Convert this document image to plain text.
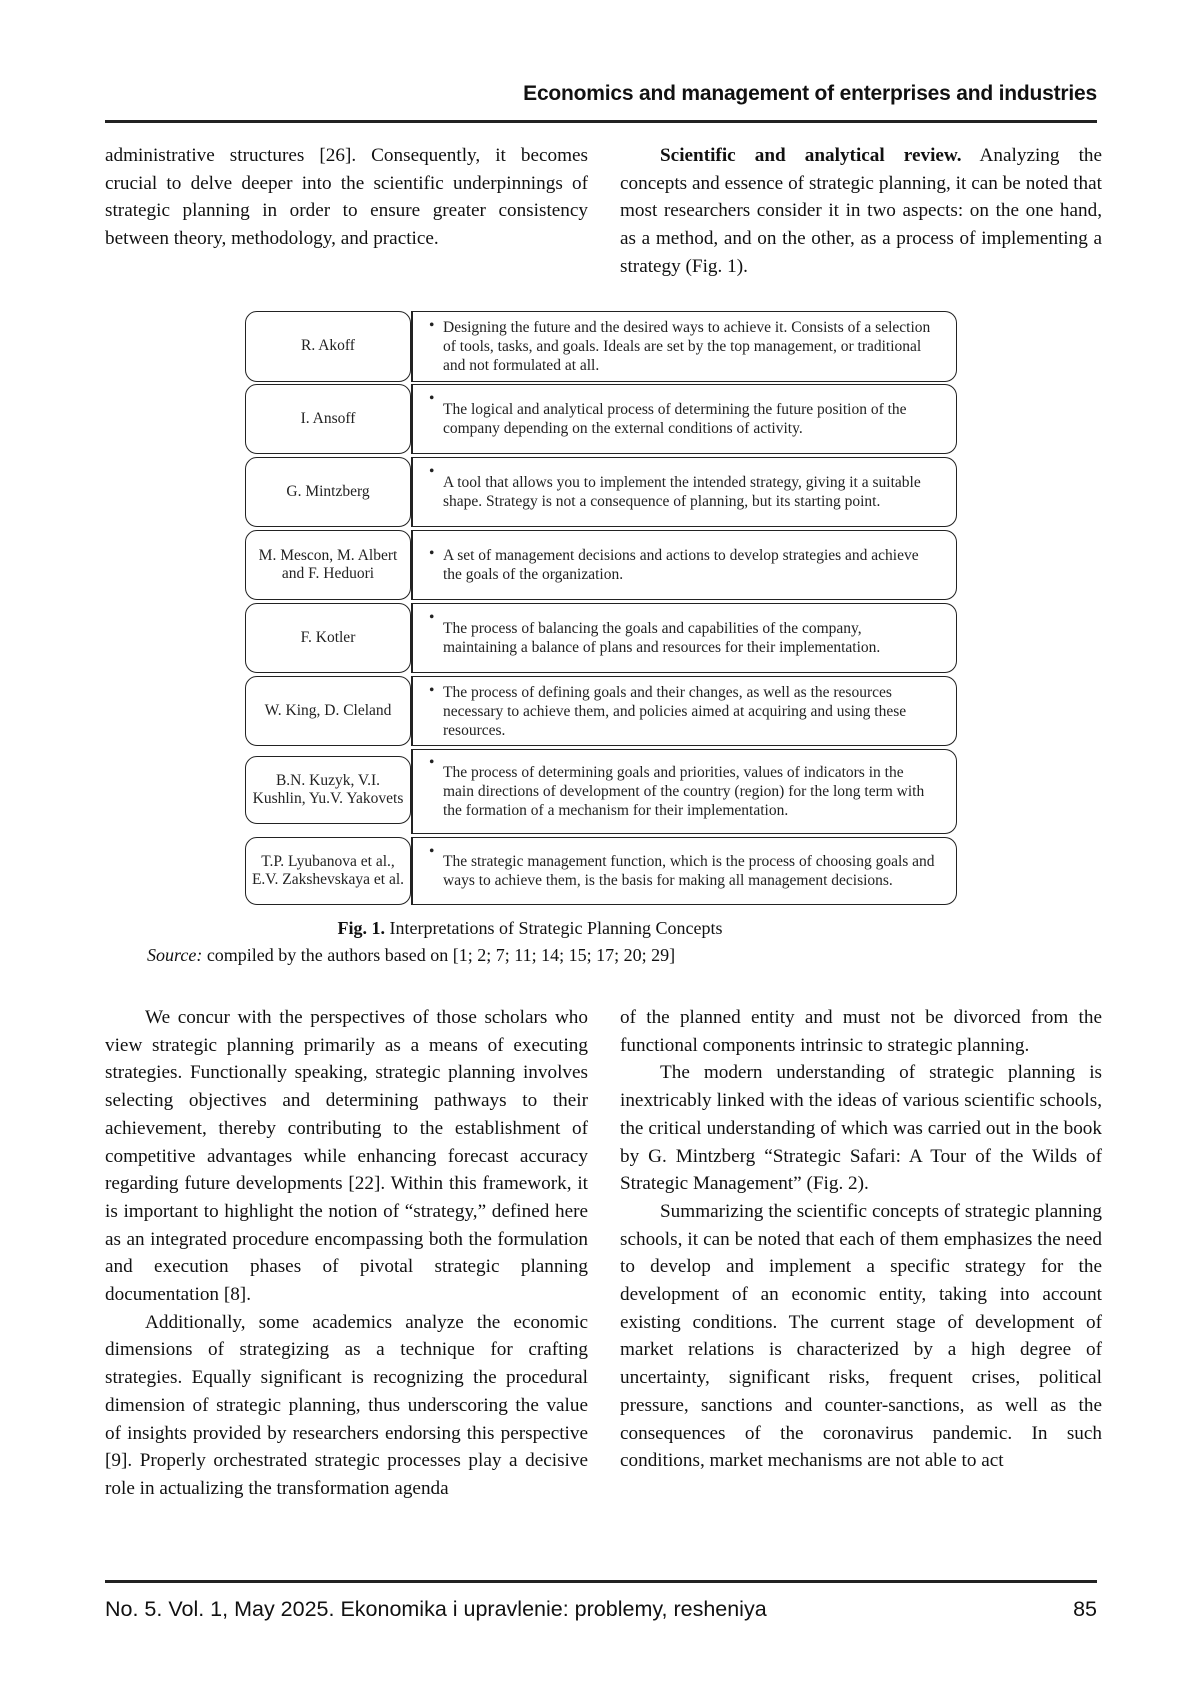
Economics and management of enterprises and industries

administrative structures [26]. Consequently, it becomes crucial to delve deeper into the scientific underpinnings of strategic planning in order to ensure greater consistency between theory, methodology, and practice.

Scientific and analytical review. Analyzing the concepts and essence of strategic planning, it can be noted that most researchers consider it in two aspects: on the one hand, as a method, and on the other, as a process of implementing a strategy (Fig. 1).

R. Akoff
• Designing the future and the desired ways to achieve it. Consists of a selection of tools, tasks, and goals. Ideals are set by the top management, or traditional and not formulated at all.
I. Ansoff
•
The logical and analytical process of determining the future position of the company depending on the external conditions of activity.
G. Mintzberg
•
A tool that allows you to implement the intended strategy, giving it a suitable shape. Strategy is not a consequence of planning, but its starting point.
M. Mescon, M. Albert and F. Heduori
• A set of management decisions and actions to develop strategies and achieve the goals of the organization.
F. Kotler
•
The process of balancing the goals and capabilities of the company, maintaining a balance of plans and resources for their implementation.
W. King, D. Cleland
• The process of defining goals and their changes, as well as the resources necessary to achieve them, and policies aimed at acquiring and using these resources.
B.N. Kuzyk, V.I. Kushlin, Yu.V. Yakovets
•
The process of determining goals and priorities, values of indicators in the main directions of development of the country (region) for the long term with the formation of a mechanism for their implementation.
T.P. Lyubanova et al., E.V. Zakshevskaya et al.
•
The strategic management function, which is the process of choosing goals and ways to achieve them, is the basis for making all management decisions.
Fig. 1. Interpretations of Strategic Planning Concepts
Source: compiled by the authors based on [1; 2; 7; 11; 14; 15; 17; 20; 29]

We concur with the perspectives of those scholars who view strategic planning primarily as a means of executing strategies. Functionally speaking, strategic planning involves selecting objectives and determining pathways to their achievement, thereby contributing to the establishment of competitive advantages while enhancing forecast accuracy regarding future developments [22]. Within this framework, it is important to highlight the notion of “strategy,” defined here as an integrated procedure encompassing both the formulation and execution phases of pivotal strategic planning documentation [8].

Additionally, some academics analyze the economic dimensions of strategizing as a technique for crafting strategies. Equally significant is recognizing the procedural dimension of strategic planning, thus underscoring the value of insights provided by researchers endorsing this perspective [9]. Properly orchestrated strategic processes play a decisive role in actualizing the transformation agenda

of the planned entity and must not be divorced from the functional components intrinsic to strategic planning.

The modern understanding of strategic planning is inextricably linked with the ideas of various scientific schools, the critical understanding of which was carried out in the book by G. Mintzberg “Strategic Safari: A Tour of the Wilds of Strategic Management” (Fig. 2).

Summarizing the scientific concepts of strategic planning schools, it can be noted that each of them emphasizes the need to develop and implement a specific strategy for the development of an economic entity, taking into account existing conditions. The current stage of development of market relations is characterized by a high degree of uncertainty, significant risks, frequent crises, political pressure, sanctions and counter-sanctions, as well as the consequences of the coronavirus pandemic. In such conditions, market mechanisms are not able to act

No. 5. Vol. 1, May 2025. Ekonomika i upravlenie: problemy, resheniya	85
